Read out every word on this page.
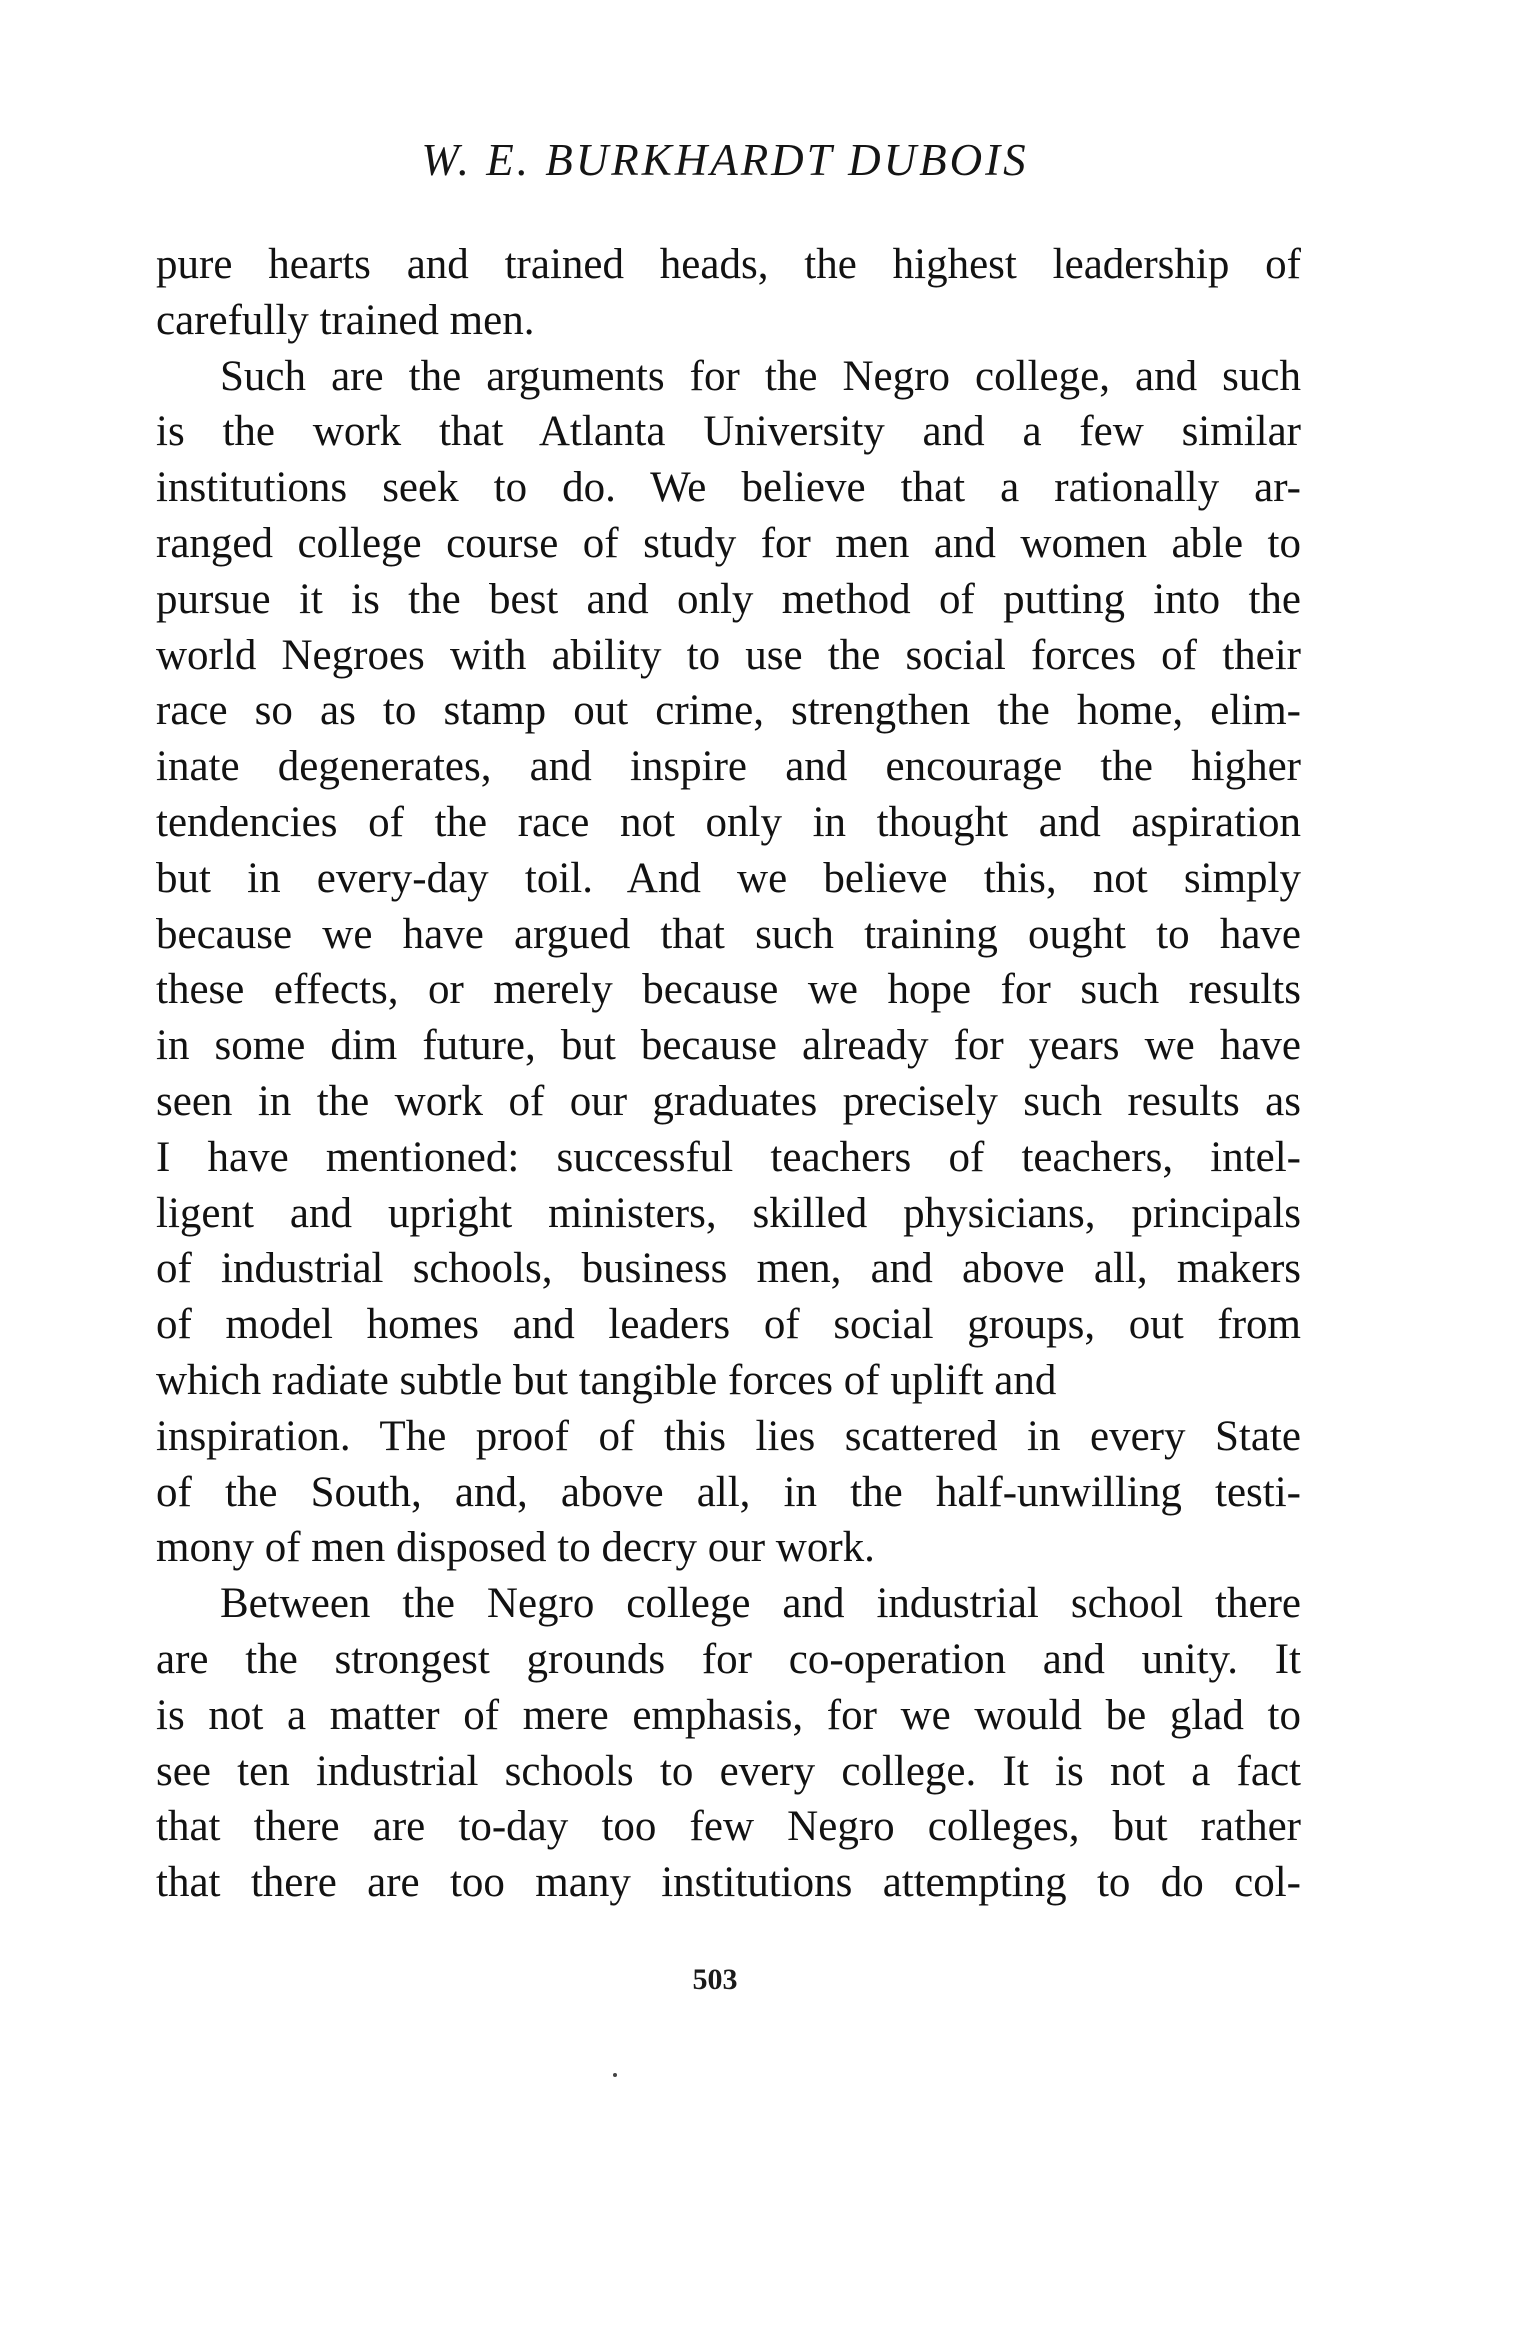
W. E. BURKHARDT DUBOIS
pure hearts and trained heads, the highest leadership of
carefully trained men.
Such are the arguments for the Negro college, and such
is the work that Atlanta University and a few similar
institutions seek to do. We believe that a rationally ar-
ranged college course of study for men and women able to
pursue it is the best and only method of putting into the
world Negroes with ability to use the social forces of their
race so as to stamp out crime, strengthen the home, elim-
inate degenerates, and inspire and encourage the higher
tendencies of the race not only in thought and aspiration
but in every-day toil. And we believe this, not simply
because we have argued that such training ought to have
these effects, or merely because we hope for such results
in some dim future, but because already for years we have
seen in the work of our graduates precisely such results as
I have mentioned: successful teachers of teachers, intel-
ligent and upright ministers, skilled physicians, principals
of industrial schools, business men, and above all, makers
of model homes and leaders of social groups, out from
which radiate subtle but tangible forces of uplift and
inspiration. The proof of this lies scattered in every State
of the South, and, above all, in the half-unwilling testi-
mony of men disposed to decry our work.
Between the Negro college and industrial school there
are the strongest grounds for co-operation and unity. It
is not a matter of mere emphasis, for we would be glad to
see ten industrial schools to every college. It is not a fact
that there are to-day too few Negro colleges, but rather
that there are too many institutions attempting to do col-
503
